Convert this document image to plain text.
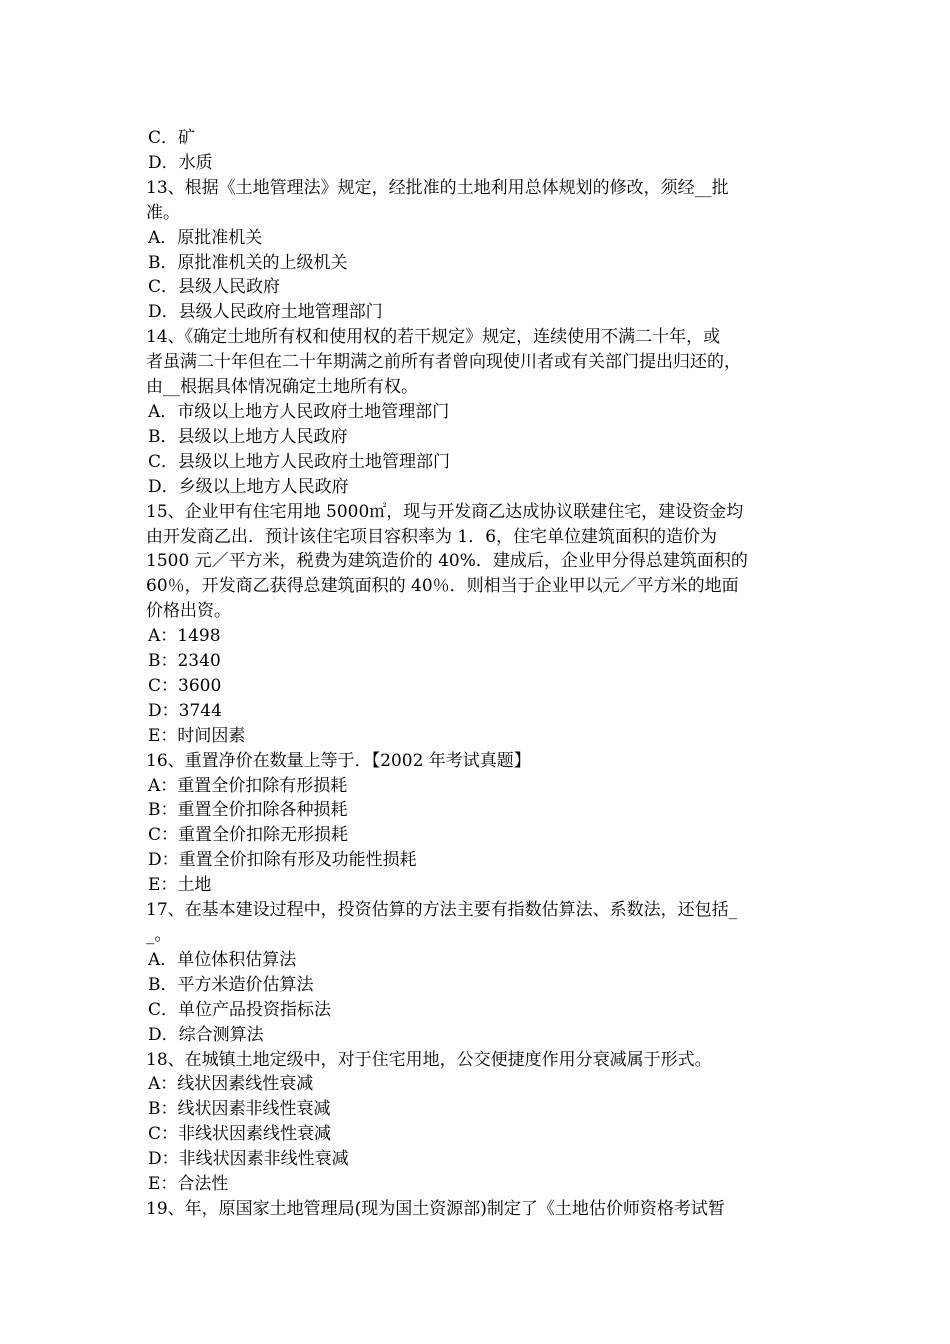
C．矿

D．水质

13、根据《土地管理法》规定，经批准的土地利用总体规划的修改，须经__批

准。

A．原批准机关

B．原批准机关的上级机关

C．县级人民政府

D．县级人民政府土地管理部门

14、《确定土地所有权和使用权的若干规定》规定，连续使用不满二十年，或

者虽满二十年但在二十年期满之前所有者曾向现使川者或有关部门提出归还的，

由__根据具体情况确定土地所有权。

A．市级以上地方人民政府土地管理部门

B．县级以上地方人民政府

C．县级以上地方人民政府土地管理部门

D．乡级以上地方人民政府

15、企业甲有住宅用地 5000㎡，现与开发商乙达成协议联建住宅，建设资金均

由开发商乙出．预计该住宅项目容积率为 1．6，住宅单位建筑面积的造价为

1500 元／平方米，税费为建筑造价的 40%．建成后，企业甲分得总建筑面积的

60％，开发商乙获得总建筑面积的 40％．则相当于企业甲以元／平方米的地面

价格出资。

A：1498

B：2340

C：3600

D：3744

E：时间因素

16、重置净价在数量上等于．【2002 年考试真题】

A：重置全价扣除有形损耗

B：重置全价扣除各种损耗

C：重置全价扣除无形损耗

D：重置全价扣除有形及功能性损耗

E：土地

17、在基本建设过程中，投资估算的方法主要有指数估算法、系数法，还包括_

_。

A．单位体积估算法

B．平方米造价估算法

C．单位产品投资指标法

D．综合测算法

18、在城镇土地定级中，对于住宅用地，公交便捷度作用分衰减属于形式。

A：线状因素线性衰减

B：线状因素非线性衰减

C：非线状因素线性衰减

D：非线状因素非线性衰减

E：合法性

19、年，原国家土地管理局(现为国土资源部)制定了《土地估价师资格考试暂
